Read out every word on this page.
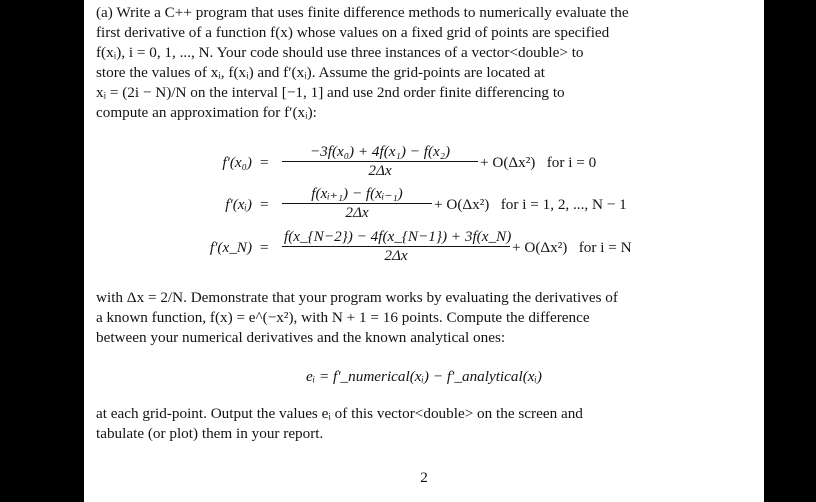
(a) Write a C++ program that uses finite difference methods to numerically evaluate the
first derivative of a function f(x) whose values on a fixed grid of points are specified
f(xᵢ), i = 0, 1, ..., N. Your code should use three instances of a vector<double> to
store the values of xᵢ, f(xᵢ) and f′(xᵢ). Assume the grid-points are located at
xᵢ = (2i − N)/N on the interval [−1, 1] and use 2nd order finite differencing to
compute an approximation for f′(xᵢ):
$f'(x_0) = \frac{\text{−3f(x₀) + 4f(x₁) − f(x₂)}}{2\Delta x} + O(\Delta x^2)$ for i = 0
f′(xᵢ) = $\frac{\text{f(xᵢ₊₁) − f(xᵢ₋₁)}}{2\Delta x} + O(\Delta x^2)$ for i = 1, 2, ..., N − 1
f′(x_N) = $\frac{f(x\_\{N-2\}) - 4f(x\_\{N-1\}) + 3f(x\_N)}{2\Delta x} + O(\Delta x^2)$ for i = N
with Δx = 2/N. Demonstrate that your program works by evaluating the derivatives of
a known function, f(x) = e^(−x²), with N + 1 = 16 points. Compute the difference
between your numerical derivatives and the known analytical ones:
eᵢ = f′_numerical(xᵢ) − f′_analytical(xᵢ)
at each grid-point. Output the values eᵢ of this vector<double> on the screen and
tabulate (or plot) them in your report.
2
